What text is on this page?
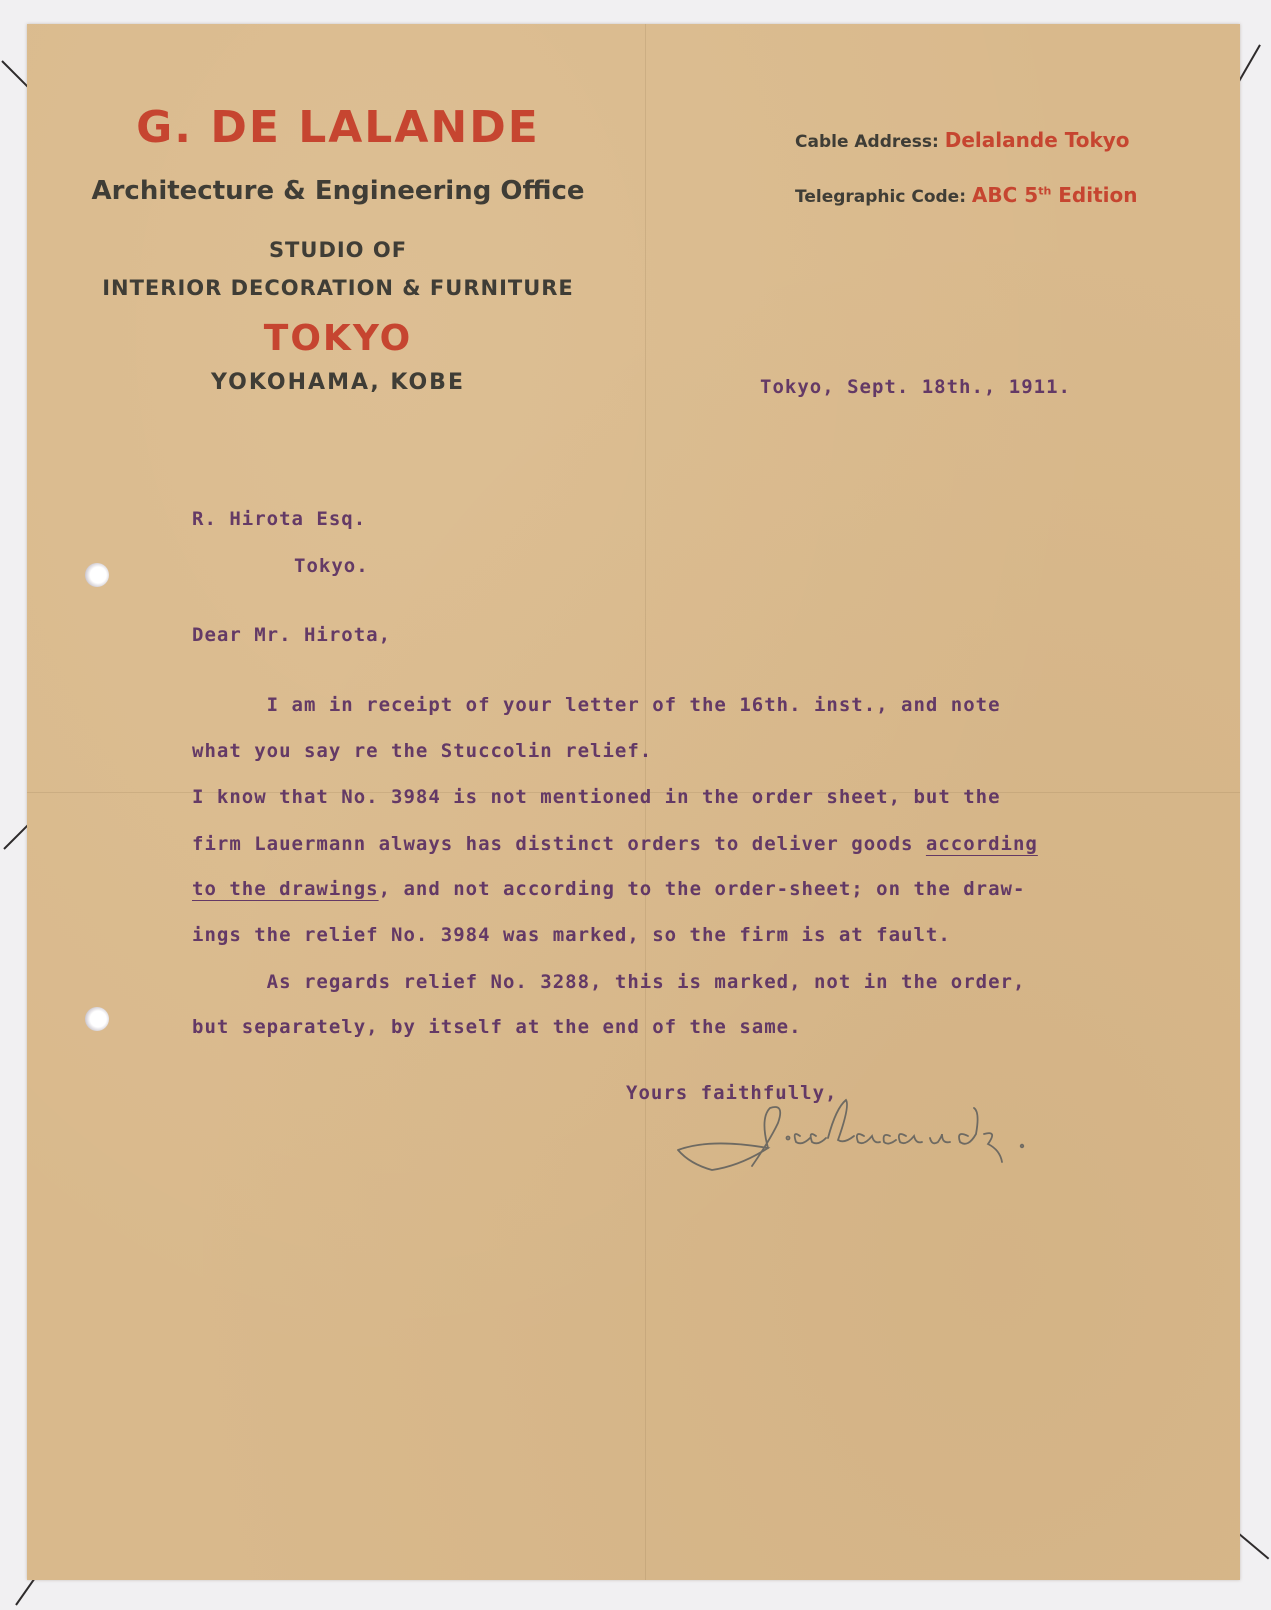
G. DE LALANDE
Architecture & Engineering Office
STUDIO OF
INTERIOR DECORATION & FURNITURE
TOKYO
YOKOHAMA, KOBE
Cable Address: Delalande Tokyo
Telegraphic Code: ABC 5th Edition
Tokyo, Sept. 18th., 1911.
R. Hirota Esq.
Tokyo.
Dear Mr. Hirota,
I am in receipt of your letter of the 16th. inst., and note
what you say re the Stuccolin relief.
I know that No. 3984 is not mentioned in the order sheet, but the
firm Lauermann always has distinct orders to deliver goods according
to the drawings, and not according to the order-sheet; on the draw-
ings the relief No. 3984 was marked, so the firm is at fault.
As regards relief No. 3288, this is marked, not in the order,
but separately, by itself at the end of the same.
Yours faithfully,
